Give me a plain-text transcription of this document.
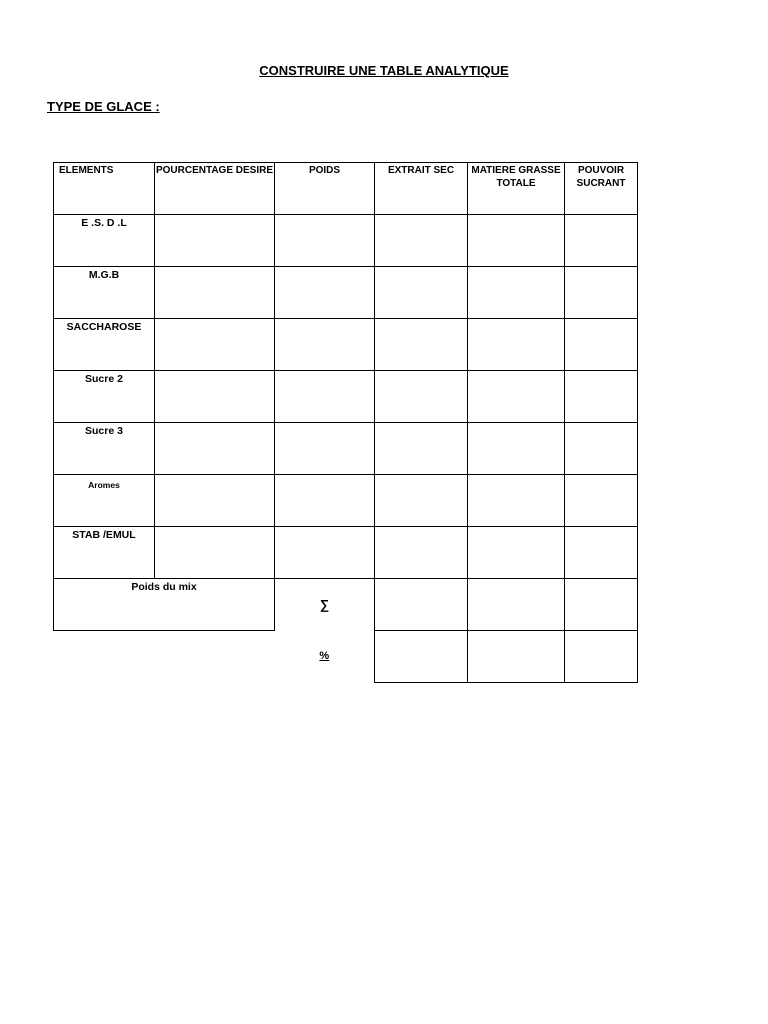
CONSTRUIRE UNE TABLE ANALYTIQUE
TYPE DE GLACE :
ELEMENTS	POURCENTAGE DESIRE	POIDS	EXTRAIT SEC	MATIERE GRASSE TOTALE	POUVOIR SUCRANT
E .S. D .L					
M.G.B					
SACCHAROSE					
Sucre 2					
Sucre 3					
Aromes					
STAB /EMUL					
Poids du mix		∑			
		%			
